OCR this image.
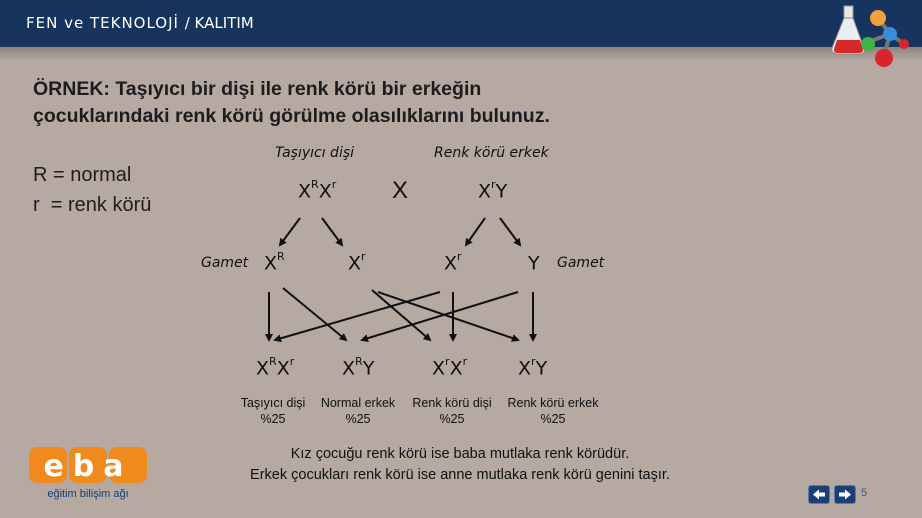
FEN ve TEKNOLOJİ / KALITIM
ÖRNEK: Taşıyıcı bir dişi ile renk körü bir erkeğin
çocuklarındaki renk körü görülme olasılıklarını bulunuz.
R = normal
r  = renk körü
Taşıyıcı dişi	Renk körü erkek
$X^RX^r$ X	$X^rY$
Gamet	Gamet
$X^R$	$X^r$	$X^r$	Y
$X^RX^r$	$X^RY$	$X^rX^r$	$X^rY$
Taşıyıcı dişi
%25
Normal erkek
%25
Renk körü dişi
%25
Renk körü erkek
%25
Kız çocuğu renk körü ise baba mutlaka renk körüdür.
Erkek çocukları renk körü ise anne mutlaka renk körü genini taşır.
eba
eğitim bilişim ağı	5
